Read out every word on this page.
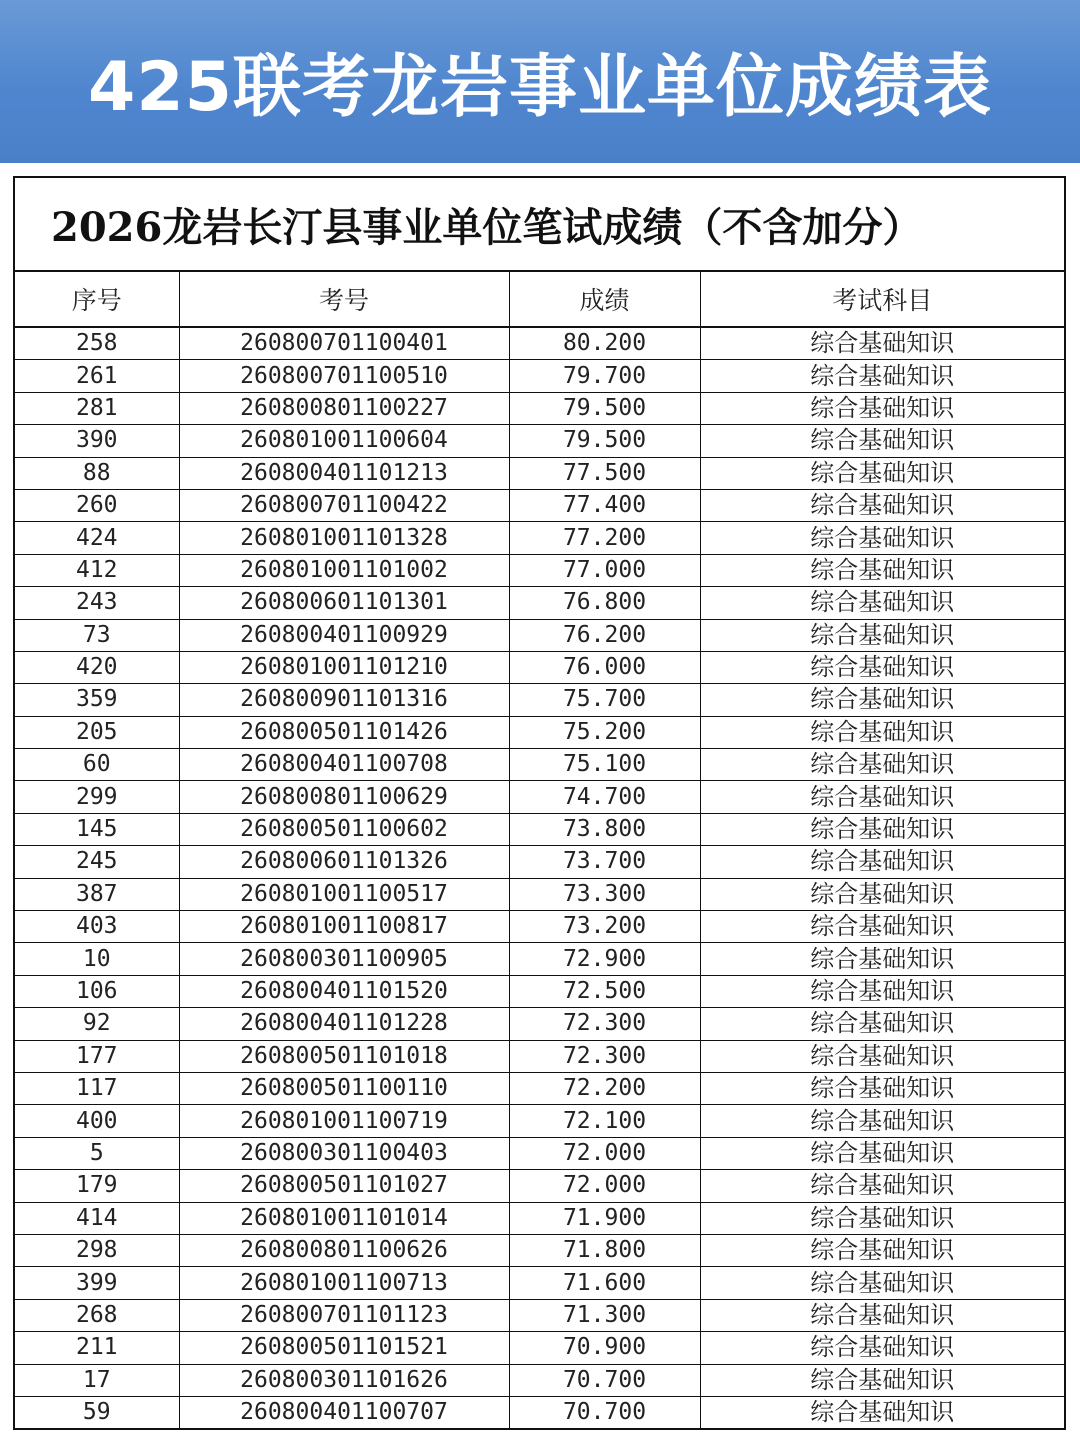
425联考龙岩事业单位成绩表
2026龙岩长汀县事业单位笔试成绩（不含加分）
序号	考号	成绩	考试科目
258	260800701100401	80.200	综合基础知识
261	260800701100510	79.700	综合基础知识
281	260800801100227	79.500	综合基础知识
390	260801001100604	79.500	综合基础知识
88	260800401101213	77.500	综合基础知识
260	260800701100422	77.400	综合基础知识
424	260801001101328	77.200	综合基础知识
412	260801001101002	77.000	综合基础知识
243	260800601101301	76.800	综合基础知识
73	260800401100929	76.200	综合基础知识
420	260801001101210	76.000	综合基础知识
359	260800901101316	75.700	综合基础知识
205	260800501101426	75.200	综合基础知识
60	260800401100708	75.100	综合基础知识
299	260800801100629	74.700	综合基础知识
145	260800501100602	73.800	综合基础知识
245	260800601101326	73.700	综合基础知识
387	260801001100517	73.300	综合基础知识
403	260801001100817	73.200	综合基础知识
10	260800301100905	72.900	综合基础知识
106	260800401101520	72.500	综合基础知识
92	260800401101228	72.300	综合基础知识
177	260800501101018	72.300	综合基础知识
117	260800501100110	72.200	综合基础知识
400	260801001100719	72.100	综合基础知识
5	260800301100403	72.000	综合基础知识
179	260800501101027	72.000	综合基础知识
414	260801001101014	71.900	综合基础知识
298	260800801100626	71.800	综合基础知识
399	260801001100713	71.600	综合基础知识
268	260800701101123	71.300	综合基础知识
211	260800501101521	70.900	综合基础知识
17	260800301101626	70.700	综合基础知识
59	260800401100707	70.700	综合基础知识
